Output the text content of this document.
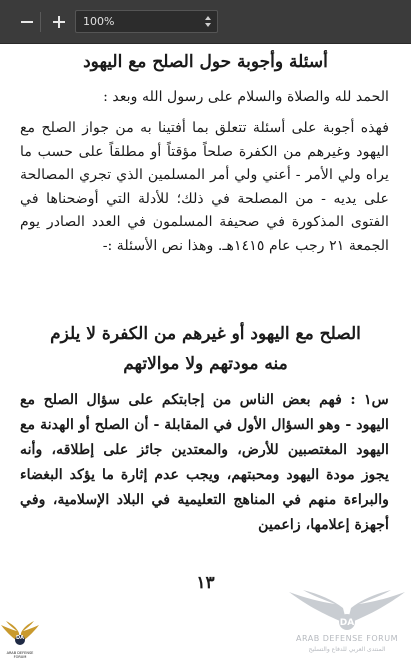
100%
أسئلة وأجوبة حول الصلح مع اليهود
الحمد لله والصلاة والسلام على رسول الله وبعد :
فهذه أجوبة على أسئلة تتعلق بما أفتينا به من جواز الصلح مع اليهود وغيرهم من الكفرة صلحاً مؤقتاً أو مطلقاً على حسب ما يراه ولي الأمر - أعني ولي أمر المسلمين الذي تجري المصالحة على يديه - من المصلحة في ذلك؛ للأدلة التي أوضحناها في الفتوى المذكورة في صحيفة المسلمون في العدد الصادر يوم الجمعة ٢١ رجب عام ١٤١٥هـ. وهذا نص الأسئلة :-
الصلح مع اليهود أو غيرهم من الكفرة لا يلزم
منه مودتهم ولا موالاتهم
س١ : فهم بعض الناس من إجابتكم على سؤال الصلح مع اليهود - وهو السؤال الأول في المقابلة - أن الصلح أو الهدنة مع اليهود المغتصبين للأرض، والمعتدين جائز على إطلاقه، وأنه يجوز مودة اليهود ومحبتهم، ويجب عدم إثارة ما يؤكد البغضاء والبراءة منهم في المناهج التعليمية في البلاد الإسلامية، وفي أجهزة إعلامها، زاعمين
١٣
DA
ARAB DEFENSE FORUM
المنتدى العربي للدفاع والتسليح
DA
ARAB DEFENSE FORUM
